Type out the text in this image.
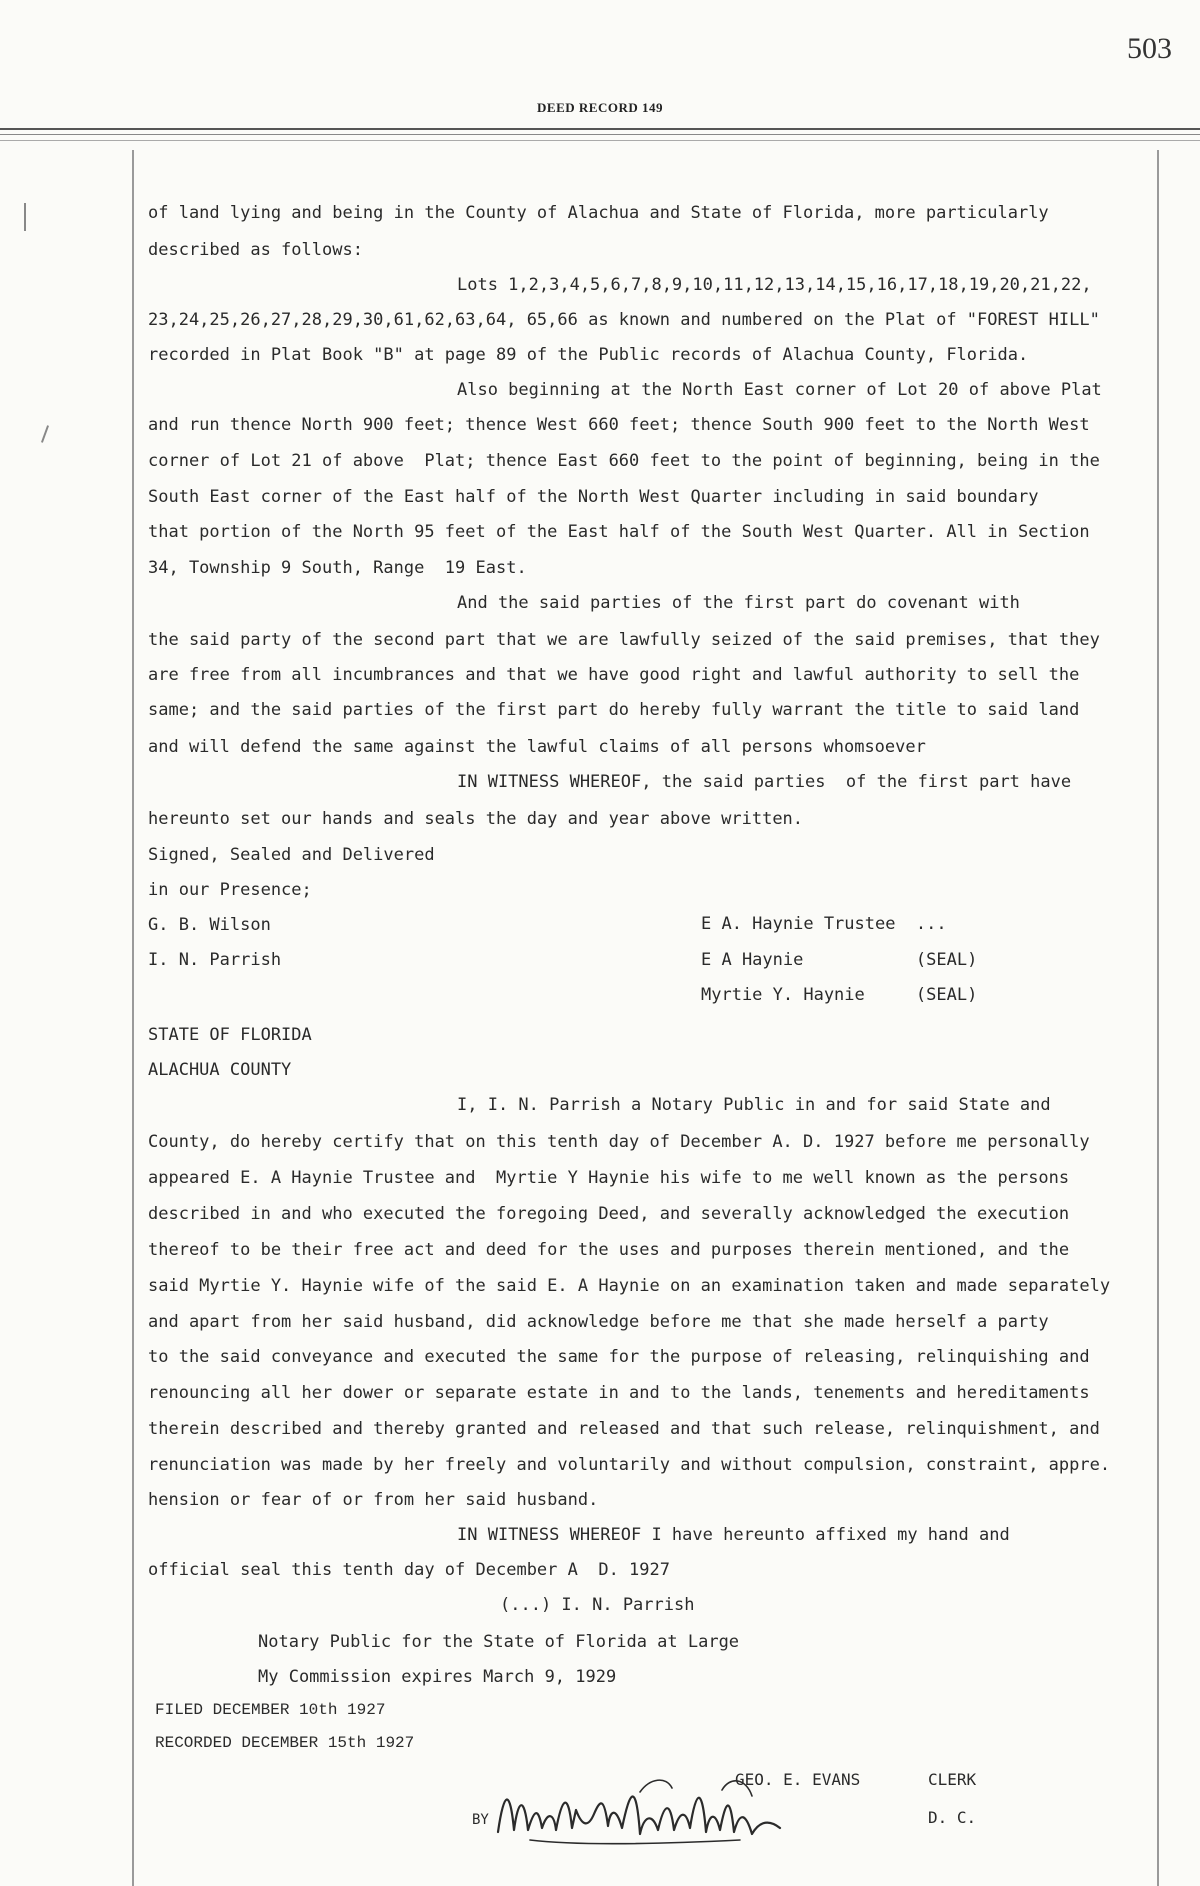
503
DEED RECORD 149
of land lying and being in the County of Alachua and State of Florida, more particularly
described as follows:
Lots 1,2,3,4,5,6,7,8,9,10,11,12,13,14,15,16,17,18,19,20,21,22,
23,24,25,26,27,28,29,30,61,62,63,64, 65,66 as known and numbered on the Plat of "FOREST HILL"
recorded in Plat Book "B" at page 89 of the Public records of Alachua County, Florida.
Also beginning at the North East corner of Lot 20 of above Plat
and run thence North 900 feet; thence West 660 feet; thence South 900 feet to the North West
corner of Lot 21 of above  Plat; thence East 660 feet to the point of beginning, being in the
South East corner of the East half of the North West Quarter including in said boundary
that portion of the North 95 feet of the East half of the South West Quarter. All in Section
34, Township 9 South, Range  19 East.
And the said parties of the first part do covenant with
the said party of the second part that we are lawfully seized of the said premises, that they
are free from all incumbrances and that we have good right and lawful authority to sell the
same; and the said parties of the first part do hereby fully warrant the title to said land
and will defend the same against the lawful claims of all persons whomsoever
IN WITNESS WHEREOF, the said parties  of the first part have
hereunto set our hands and seals the day and year above written.
Signed, Sealed and Delivered
in our Presence;
G. B. Wilson	E A. Haynie Trustee  ...
I. N. Parrish	E A Haynie           (SEAL)
Myrtie Y. Haynie     (SEAL)
STATE OF FLORIDA
ALACHUA COUNTY
I, I. N. Parrish a Notary Public in and for said State and
County, do hereby certify that on this tenth day of December A. D. 1927 before me personally
appeared E. A Haynie Trustee and  Myrtie Y Haynie his wife to me well known as the persons
described in and who executed the foregoing Deed, and severally acknowledged the execution
thereof to be their free act and deed for the uses and purposes therein mentioned, and the
said Myrtie Y. Haynie wife of the said E. A Haynie on an examination taken and made separately
and apart from her said husband, did acknowledge before me that she made herself a party
to the said conveyance and executed the same for the purpose of releasing, relinquishing and
renouncing all her dower or separate estate in and to the lands, tenements and hereditaments
therein described and thereby granted and released and that such release, relinquishment, and
renunciation was made by her freely and voluntarily and without compulsion, constraint, appre.
hension or fear of or from her said husband.
IN WITNESS WHEREOF I have hereunto affixed my hand and
official seal this tenth day of December A  D. 1927
(...) I. N. Parrish
Notary Public for the State of Florida at Large
My Commission expires March 9, 1929
FILED DECEMBER 10th 1927
RECORDED DECEMBER 15th 1927
GEO. E. EVANS	CLERK
BY	D. C.
